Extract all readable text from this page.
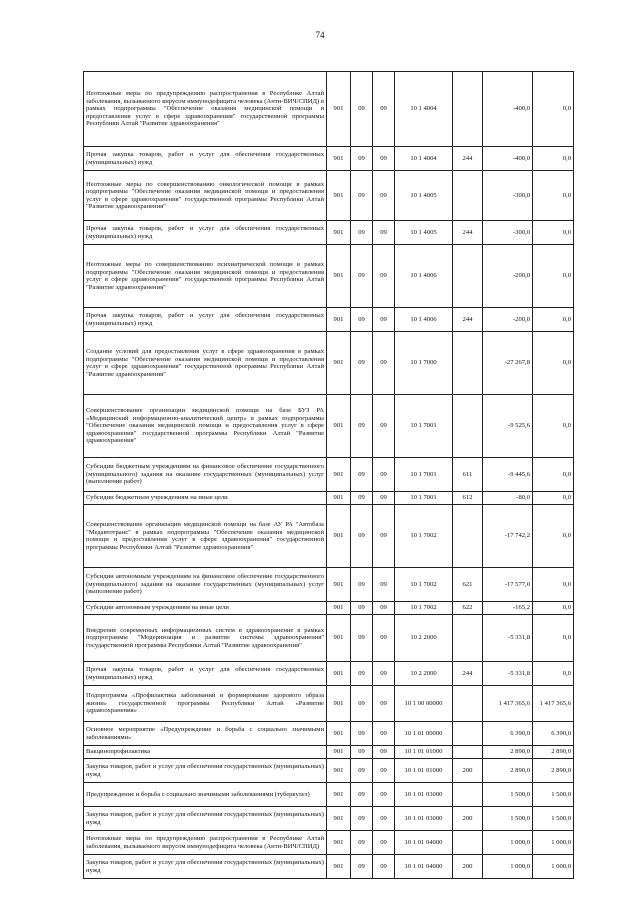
74
Неотложные меры по предупреждению распространения в Республике Алтай заболевания, вызываемого вирусом иммунодефицита человека (Анти-ВИЧ/СПИД) в рамках подпрограммы "Обеспечение оказания медицинской помощи и предоставления услуг в сфере здравоохранения" государственной программы Республики Алтай "Развитие здравоохранения"	901	09	09	10 1 4004		-400,0	0,0
Прочая закупка товаров, работ и услуг для обеспечения государственных (муниципальных) нужд	901	09	09	10 1 4004	244	-400,0	0,0
Неотложные меры по совершенствованию онкологической помощи в рамках подпрограммы "Обеспечение оказания медицинской помощи и предоставления услуг в сфере здравоохранения" государственной программы Республики Алтай "Развитие здравоохранения"	901	09	09	10 1 4005		-300,0	0,0
Прочая закупка товаров, работ и услуг для обеспечения государственных (муниципальных) нужд	901	09	09	10 1 4005	244	-300,0	0,0
Неотложные меры по совершенствованию психиатрической помощи в рамках подпрограммы "Обеспечение оказания медицинской помощи и предоставления услуг в сфере здравоохранения" государственной программы Республики Алтай "Развитие здравоохранения"	901	09	09	10 1 4006		-200,0	0,0
Прочая закупка товаров, работ и услуг для обеспечения государственных (муниципальных) нужд	901	09	09	10 1 4006	244	-200,0	0,0
Создание условий для предоставления услуг в сфере здравоохранения в рамках подпрограммы "Обеспечение оказания медицинской помощи и предоставления услуг в сфере здравоохранения" государственной программы Республики Алтай "Развитие здравоохранения"	901	09	09	10 1 7000		-27 267,8	0,0
Совершенствование организации медицинской помощи на базе БУЗ РА «Медицинский информационно-аналитический центр» в рамках подпрограммы "Обеспечение оказания медицинской помощи и предоставления услуг в сфере здравоохранения" государственной программы Республики Алтай "Развитие здравоохранения"	901	09	09	10 1 7001		-9 525,6	0,0
Субсидии бюджетным учреждениям на финансовое обеспечение государственного (муниципального) задания на оказание государственных (муниципальных) услуг (выполнение работ)	901	09	09	10 1 7001	611	-9 445,6	0,0
Субсидии бюджетным учреждениям на иные цели	901	09	09	10 1 7001	612	-80,0	0,0
Совершенствование организации медицинской помощи на базе АУ РА "Автобаза "Медавтотранс" в рамках подпрограммы "Обеспечение оказания медицинской помощи и предоставления услуг в сфере здравоохранения" государственной программы Республики Алтай "Развитие здравоохранения"	901	09	09	10 1 7002		-17 742,2	0,0
Субсидии автономным учреждениям на финансовое обеспечение государственного (муниципального) задания на оказание государственных (муниципальных) услуг (выполнение работ)	901	09	09	10 1 7002	621	-17 577,0	0,0
Субсидии автономным учреждениям на иные цели	901	09	09	10 1 7002	622	-165,2	0,0
Внедрение современных информационных систем в здравоохранение в рамках подпрограммы "Модернизация и развитие системы здравоохранения" государственной программы Республики Алтай "Развитие здравоохранения"	901	09	09	10 2 2000		-5 331,8	0,0
Прочая закупка товаров, работ и услуг для обеспечения государственных (муниципальных) нужд	901	09	09	10 2 2000	244	-5 331,8	0,0
Подпрограмма «Профилактика заболеваний и формирование здорового образа жизни» государственной программы Республики Алтай «Развитие здравоохранения»	901	09	09	10 1 00 00000		1 417 365,6	1 417 365,6
Основное мероприятие «Предупреждение и борьба с социально значимыми заболеваниями»	901	09	09	10 1 01 00000		6 390,0	6 390,0
Вакцинопрофилактика	901	09	09	10 1 01 01000		2 890,0	2 890,0
Закупка товаров, работ и услуг для обеспечения государственных (муниципальных) нужд	901	09	09	10 1 01 01000	200	2 890,0	2 890,0
Предупреждение и борьба с социально значимыми заболеваниями (туберкулез)	901	09	09	10 1 01 03000		1 500,0	1 500,0
Закупка товаров, работ и услуг для обеспечения государственных (муниципальных) нужд	901	09	09	10 1 01 03000	200	1 500,0	1 500,0
Неотложные меры по предупреждению распространения в Республике Алтай заболевания, вызываемого вирусом иммунодефицита человека (Анти-ВИЧ/СПИД)	901	09	09	10 1 01 04000		1 000,0	1 000,0
Закупка товаров, работ и услуг для обеспечения государственных (муниципальных) нужд	901	09	09	10 1 01 04000	200	1 000,0	1 000,0
